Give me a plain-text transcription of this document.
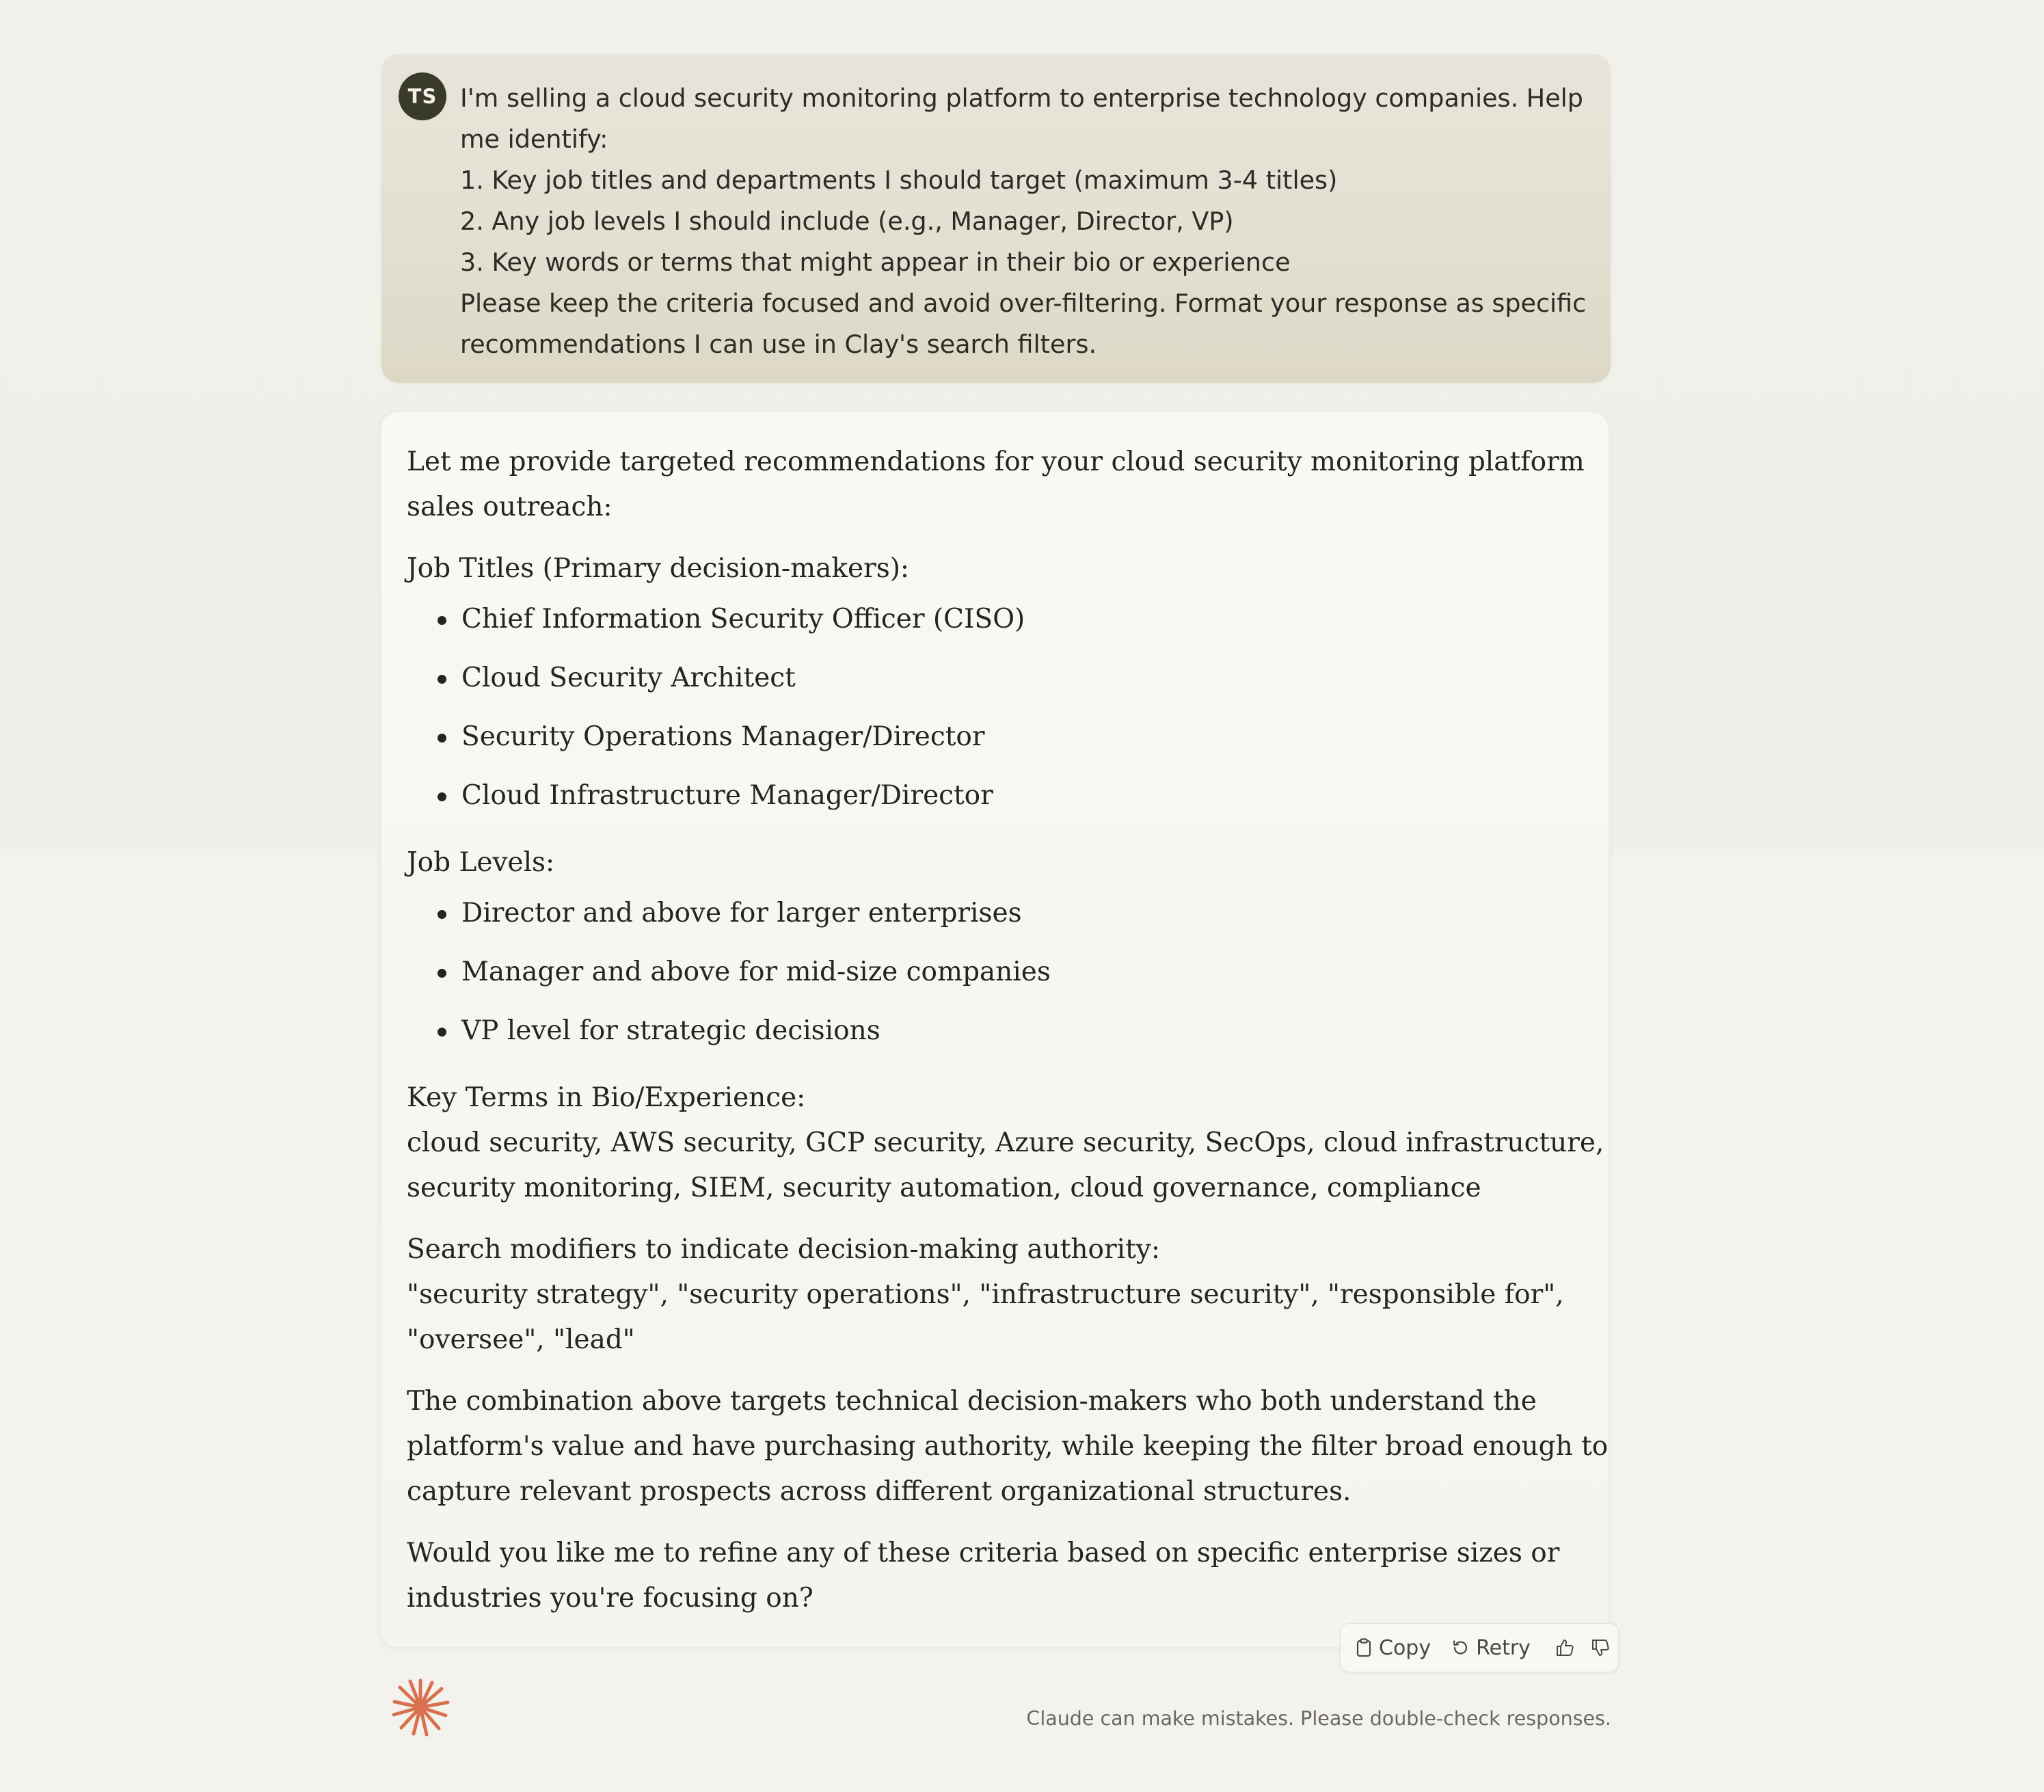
TS I'm selling a cloud security monitoring platform to enterprise technology companies. Help
me identify:
1. Key job titles and departments I should target (maximum 3-4 titles)
2. Any job levels I should include (e.g., Manager, Director, VP)
3. Key words or terms that might appear in their bio or experience
Please keep the criteria focused and avoid over-filtering. Format your response as specific
recommendations I can use in Clay's search filters.

Let me provide targeted recommendations for your cloud security monitoring platform

sales outreach:

Job Titles (Primary decision-makers):

Chief Information Security Officer (CISO)
Cloud Security Architect
Security Operations Manager/Director
Cloud Infrastructure Manager/Director

Job Levels:

Director and above for larger enterprises
Manager and above for mid-size companies
VP level for strategic decisions

Key Terms in Bio/Experience:

cloud security, AWS security, GCP security, Azure security, SecOps, cloud infrastructure,

security monitoring, SIEM, security automation, cloud governance, compliance

Search modifiers to indicate decision-making authority:

"security strategy", "security operations", "infrastructure security", "responsible for",

"oversee", "lead"

The combination above targets technical decision-makers who both understand the

platform's value and have purchasing authority, while keeping the filter broad enough to

capture relevant prospects across different organizational structures.

Would you like me to refine any of these criteria based on specific enterprise sizes or

industries you're focusing on?

Copy Retry
Claude can make mistakes. Please double-check responses.
